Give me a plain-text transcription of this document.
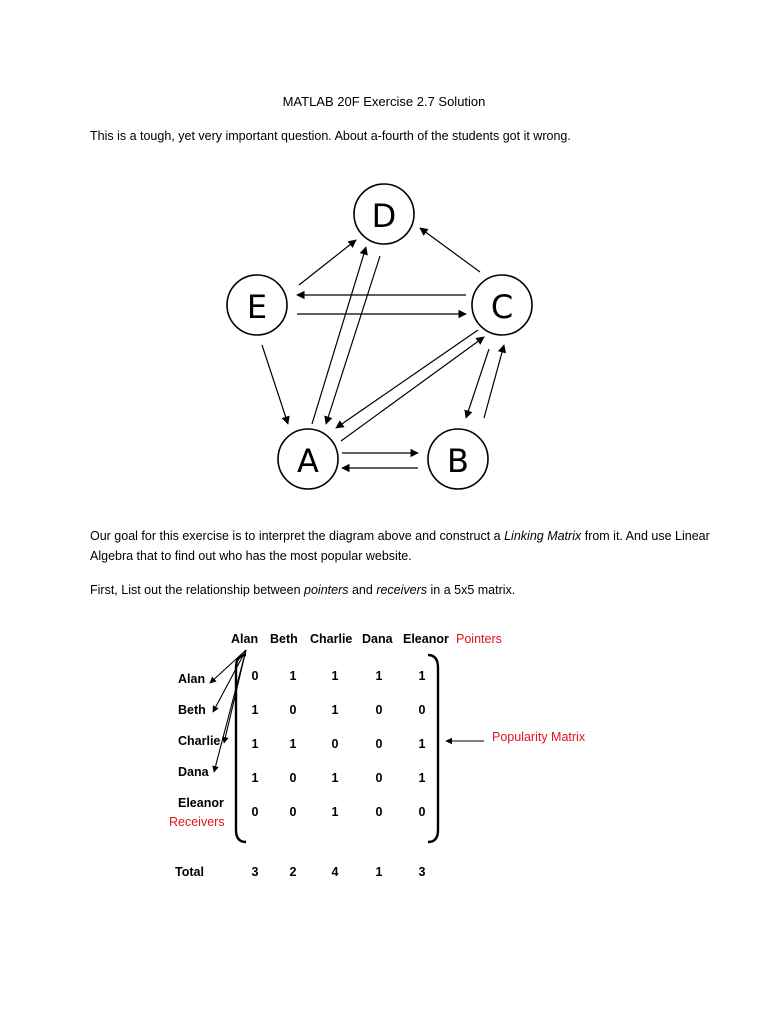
MATLAB 20F Exercise 2.7 Solution
This is a tough, yet very important question. About a-fourth of the students got it wrong.
D
E	C
A	B
Our goal for this exercise is to interpret the diagram above and construct a Linking Matrix from it. And use Linear Algebra that to find out who has the most popular website.
First, List out the relationship between pointers and receivers in a 5x5 matrix.
Alan Beth Charlie Dana Eleanor Pointers
Alan
Beth
Charlie
Dana
Eleanor
Receivers
0	1	1	1	1
1	0	1	0	0
1	1	0	0	1
1	0	1	0	1
0	0	1	0	0
Popularity Matrix
Total	3	2	4	1	3
